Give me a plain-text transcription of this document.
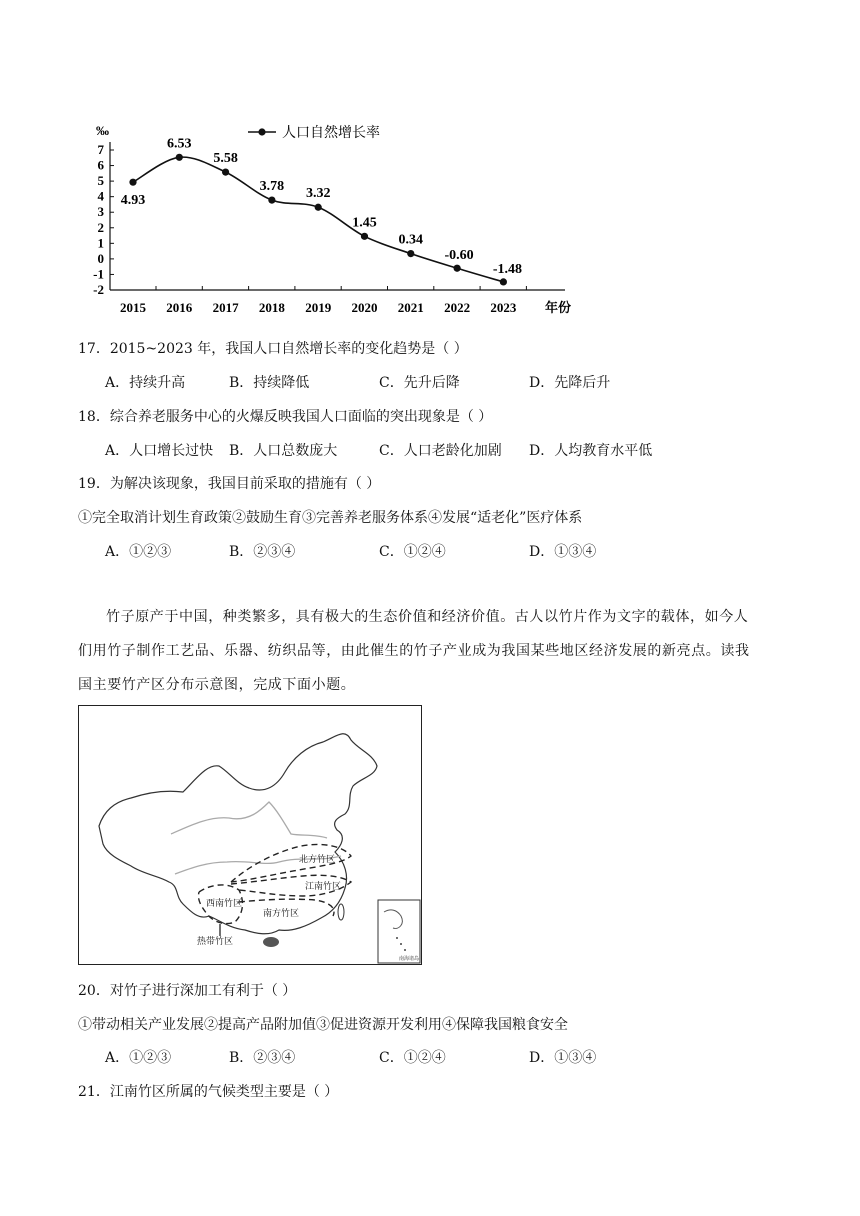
‰
7
6
5
4
3
2
1
0
-1
-2
2015 2016 2017 2018 2019 2020 2021 2022 2023 年份
4.93
6.53
5.58
3.78 3.32
1.45
0.34
-0.60
-1.48
人口自然增长率
17．2015~2023 年，我国人口自然增长率的变化趋势是（ ）
A．持续升高	B．持续降低	C．先升后降	D．先降后升
18．综合养老服务中心的火爆反映我国人口面临的突出现象是（ ）
A．人口增长过快 B．人口总数庞大	C．人口老龄化加剧 D．人均教育水平低
19．为解决该现象，我国目前采取的措施有（ ）
①完全取消计划生育政策②鼓励生育③完善养老服务体系④发展“适老化”医疗体系
A．①②③	B．②③④	C．①②④	D．①③④
竹子原产于中国，种类繁多，具有极大的生态价值和经济价值。古人以竹片作为文字的载体，如今人
们用竹子制作工艺品、乐器、纺织品等，由此催生的竹子产业成为我国某些地区经济发展的新亮点。读我
国主要竹产区分布示意图，完成下面小题。
北方竹区
江南竹区
西南竹区
南方竹区
热带竹区
南海诸岛
20．对竹子进行深加工有利于（ ）
①带动相关产业发展②提高产品附加值③促进资源开发利用④保障我国粮食安全
A．①②③	B．②③④	C．①②④	D．①③④
21．江南竹区所属的气候类型主要是（ ）
